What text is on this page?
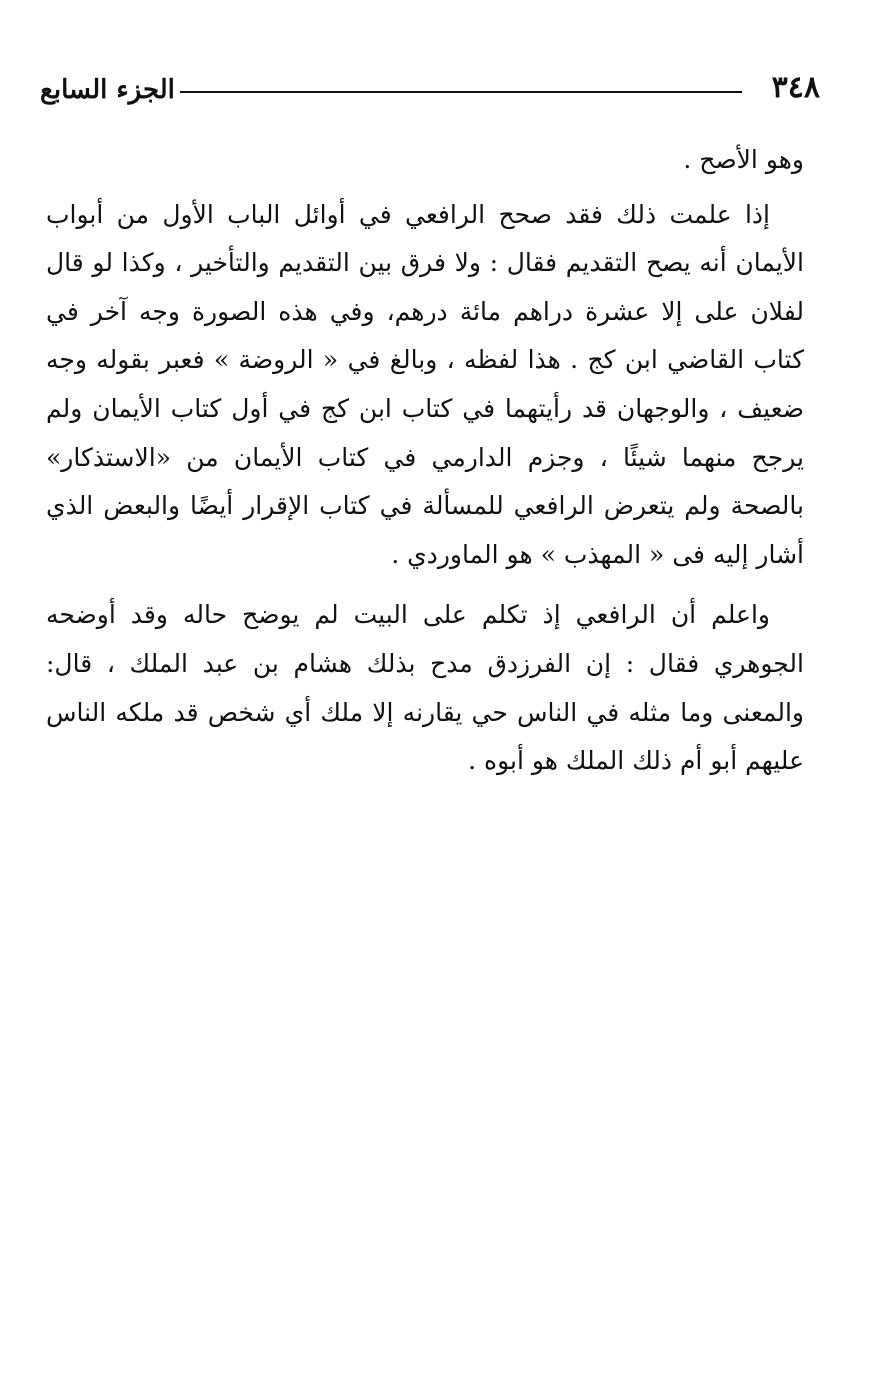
٣٤٨
الجزء السابع

وهو الأصح .

إذا علمت ذلك فقد صحح الرافعي في أوائل الباب الأول من أبواب الأيمان أنه يصح التقديم فقال : ولا فرق بين التقديم والتأخير ، وكذا لو قال لفلان على إلا عشرة دراهم مائة درهم، وفي هذه الصورة وجه آخر في كتاب القاضي ابن كج . هذا لفظه ، وبالغ في « الروضة » فعبر بقوله وجه ضعيف ، والوجهان قد رأيتهما في كتاب ابن كج في أول كتاب الأيمان ولم يرجح منهما شيئًا ، وجزم الدارمي في كتاب الأيمان من «الاستذكار» بالصحة ولم يتعرض الرافعي للمسألة في كتاب الإقرار أيضًا والبعض الذي أشار إليه فى « المهذب » هو الماوردي .

واعلم أن الرافعي إذ تكلم على البيت لم يوضح حاله وقد أوضحه الجوهري فقال : إن الفرزدق مدح بذلك هشام بن عبد الملك ، قال: والمعنى وما مثله في الناس حي يقارنه إلا ملك أي شخص قد ملكه الناس عليهم أبو أم ذلك الملك هو أبوه .
